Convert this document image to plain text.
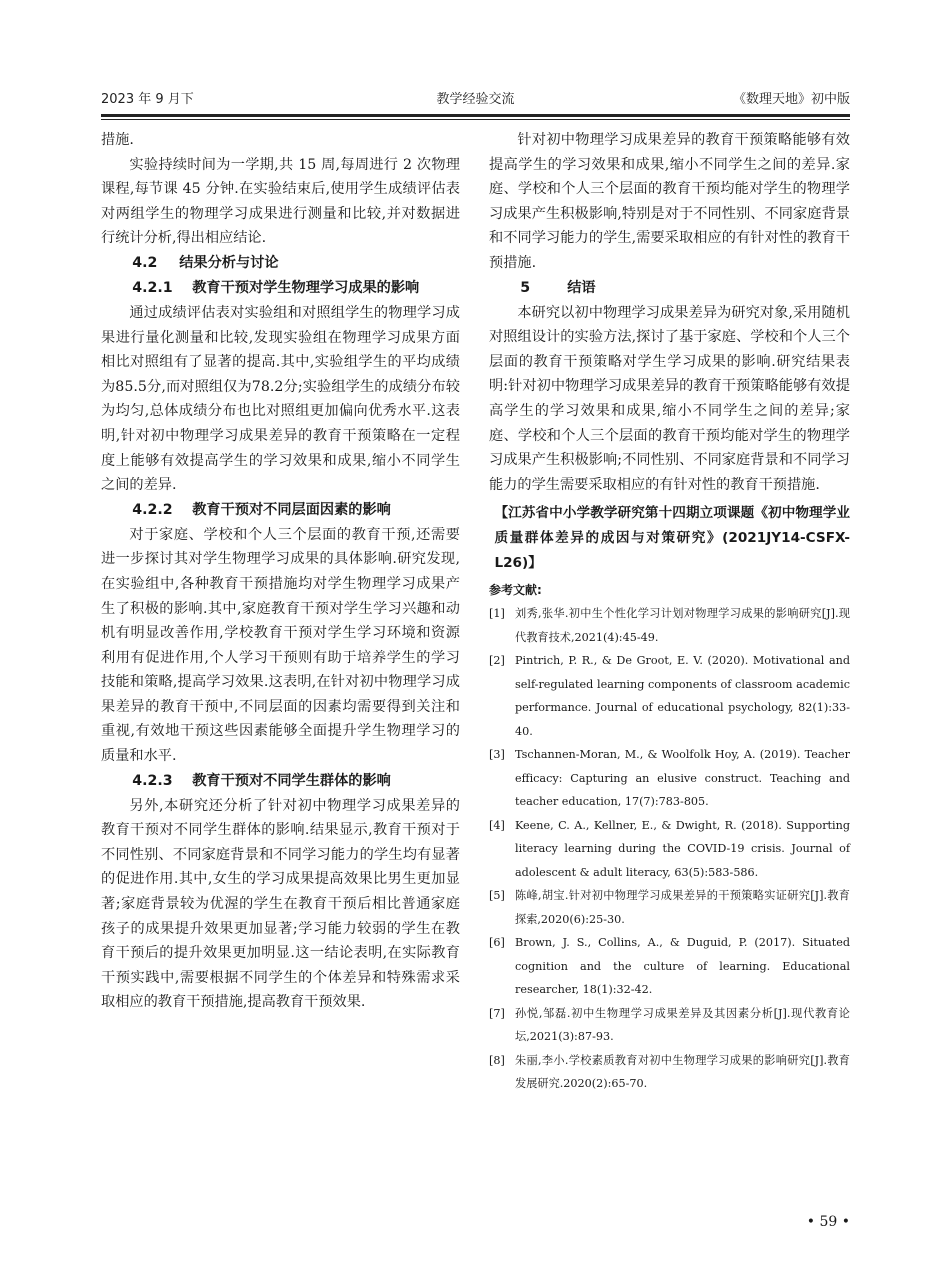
2023 年 9 月下	教学经验交流	《数理天地》初中版

措施.

实验持续时间为一学期,共 15 周,每周进行 2 次物理课程,每节课 45 分钟.在实验结束后,使用学生成绩评估表对两组学生的物理学习成果进行测量和比较,并对数据进行统计分析,得出相应结论.

4.2 结果分析与讨论
4.2.1 教育干预对学生物理学习成果的影响

通过成绩评估表对实验组和对照组学生的物理学习成果进行量化测量和比较,发现实验组在物理学习成果方面相比对照组有了显著的提高.其中,实验组学生的平均成绩为85.5分,而对照组仅为78.2分;实验组学生的成绩分布较为均匀,总体成绩分布也比对照组更加偏向优秀水平.这表明,针对初中物理学习成果差异的教育干预策略在一定程度上能够有效提高学生的学习效果和成果,缩小不同学生之间的差异.

4.2.2 教育干预对不同层面因素的影响

对于家庭、学校和个人三个层面的教育干预,还需要进一步探讨其对学生物理学习成果的具体影响.研究发现,在实验组中,各种教育干预措施均对学生物理学习成果产生了积极的影响.其中,家庭教育干预对学生学习兴趣和动机有明显改善作用,学校教育干预对学生学习环境和资源利用有促进作用,个人学习干预则有助于培养学生的学习技能和策略,提高学习效果.这表明,在针对初中物理学习成果差异的教育干预中,不同层面的因素均需要得到关注和重视,有效地干预这些因素能够全面提升学生物理学习的质量和水平.

4.2.3 教育干预对不同学生群体的影响

另外,本研究还分析了针对初中物理学习成果差异的教育干预对不同学生群体的影响.结果显示,教育干预对于不同性别、不同家庭背景和不同学习能力的学生均有显著的促进作用.其中,女生的学习成果提高效果比男生更加显著;家庭背景较为优渥的学生在教育干预后相比普通家庭孩子的成果提升效果更加显著;学习能力较弱的学生在教育干预后的提升效果更加明显.这一结论表明,在实际教育干预实践中,需要根据不同学生的个体差异和特殊需求采取相应的教育干预措施,提高教育干预效果.

针对初中物理学习成果差异的教育干预策略能够有效提高学生的学习效果和成果,缩小不同学生之间的差异.家庭、学校和个人三个层面的教育干预均能对学生的物理学习成果产生积极影响,特别是对于不同性别、不同家庭背景和不同学习能力的学生,需要采取相应的有针对性的教育干预措施.

5	结语

本研究以初中物理学习成果差异为研究对象,采用随机对照组设计的实验方法,探讨了基于家庭、学校和个人三个层面的教育干预策略对学生学习成果的影响.研究结果表明:针对初中物理学习成果差异的教育干预策略能够有效提高学生的学习效果和成果,缩小不同学生之间的差异;家庭、学校和个人三个层面的教育干预均能对学生的物理学习成果产生积极影响;不同性别、不同家庭背景和不同学习能力的学生需要采取相应的有针对性的教育干预措施.

【江苏省中小学教学研究第十四期立项课题《初中物理学业质量群体差异的成因与对策研究》(2021JY14-CSFX-L26)】
参考文献:
[1] 刘秀,张华.初中生个性化学习计划对物理学习成果的影响研究[J].现代教育技术,2021(4):45-49.
[2] Pintrich, P. R., & De Groot, E. V. (2020). Motivational and self-regulated learning components of classroom academic performance. Journal of educational psychology, 82(1):33-40.
[3] Tschannen-Moran, M., & Woolfolk Hoy, A. (2019). Teacher efficacy: Capturing an elusive construct. Teaching and teacher education, 17(7):783-805.
[4] Keene, C. A., Kellner, E., & Dwight, R. (2018). Supporting literacy learning during the COVID-19 crisis. Journal of adolescent & adult literacy, 63(5):583-586.
[5] 陈峰,胡宝.针对初中物理学习成果差异的干预策略实证研究[J].教育探索,2020(6):25-30.
[6] Brown, J. S., Collins, A., & Duguid, P. (2017). Situated cognition and the culture of learning. Educational researcher, 18(1):32-42.
[7] 孙悦,邹磊.初中生物理学习成果差异及其因素分析[J].现代教育论坛,2021(3):87-93.
[8] 朱丽,李小.学校素质教育对初中生物理学习成果的影响研究[J].教育发展研究.2020(2):65-70.
• 59 •
